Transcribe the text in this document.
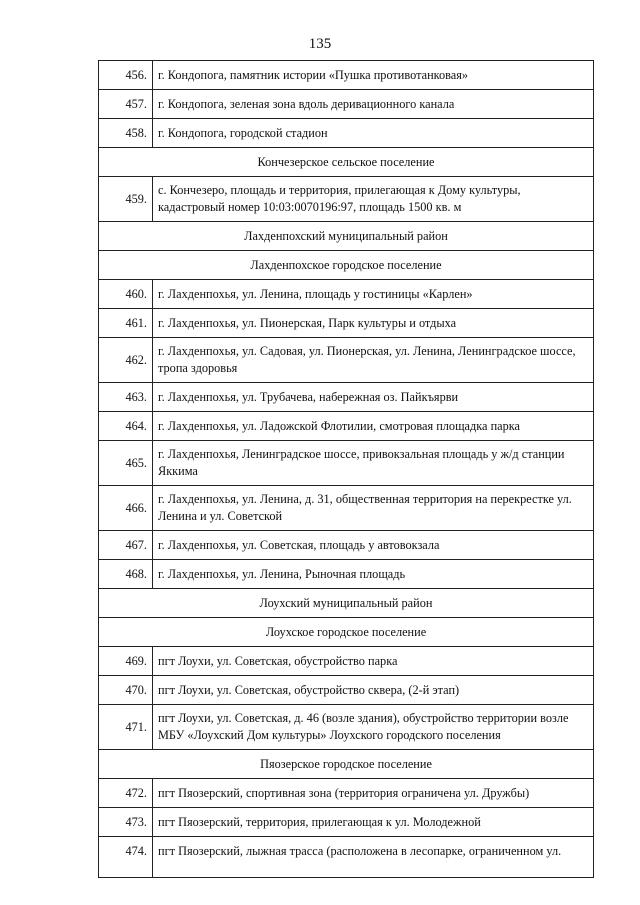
135
456.	г. Кондопога, памятник истории «Пушка противотанковая»
457.	г. Кондопога, зеленая зона вдоль деривационного канала
458.	г. Кондопога, городской стадион
Кончезерское сельское поселение	
459.	с. Кончезеро, площадь и территория, прилегающая к Дому культуры, кадастровый номер 10:03:0070196:97, площадь 1500 кв. м
Лахденпохский муниципальный район	
Лахденпохское городское поселение	
460.	г. Лахденпохья, ул. Ленина, площадь у гостиницы «Карлен»
461.	г. Лахденпохья, ул. Пионерская, Парк культуры и отдыха
462.	г. Лахденпохья, ул. Садовая, ул. Пионерская, ул. Ленина, Ленинградское шоссе, тропа здоровья
463.	г. Лахденпохья, ул. Трубачева, набережная оз. Пайкъярви
464.	г. Лахденпохья, ул. Ладожской Флотилии, смотровая площадка парка
465.	г. Лахденпохья, Ленинградское шоссе, привокзальная площадь у ж/д станции Яккима
466.	г. Лахденпохья, ул. Ленина, д. 31, общественная территория на перекрестке ул. Ленина и ул. Советской
467.	г. Лахденпохья, ул. Советская, площадь у автовокзала
468.	г. Лахденпохья, ул. Ленина, Рыночная площадь
Лоухский муниципальный район	
Лоухское городское поселение	
469.	пгт Лоухи, ул. Советская, обустройство парка
470.	пгт Лоухи, ул. Советская, обустройство сквера, (2-й этап)
471.	пгт Лоухи, ул. Советская, д. 46 (возле здания), обустройство территории возле МБУ «Лоухский Дом культуры» Лоухского городского поселения
Пяозерское городское поселение	
472.	пгт Пяозерский, спортивная зона (территория ограничена ул. Дружбы)
473.	пгт Пяозерский, территория, прилегающая к ул. Молодежной
474.	пгт Пяозерский, лыжная трасса (расположена в лесопарке, ограниченном ул.
